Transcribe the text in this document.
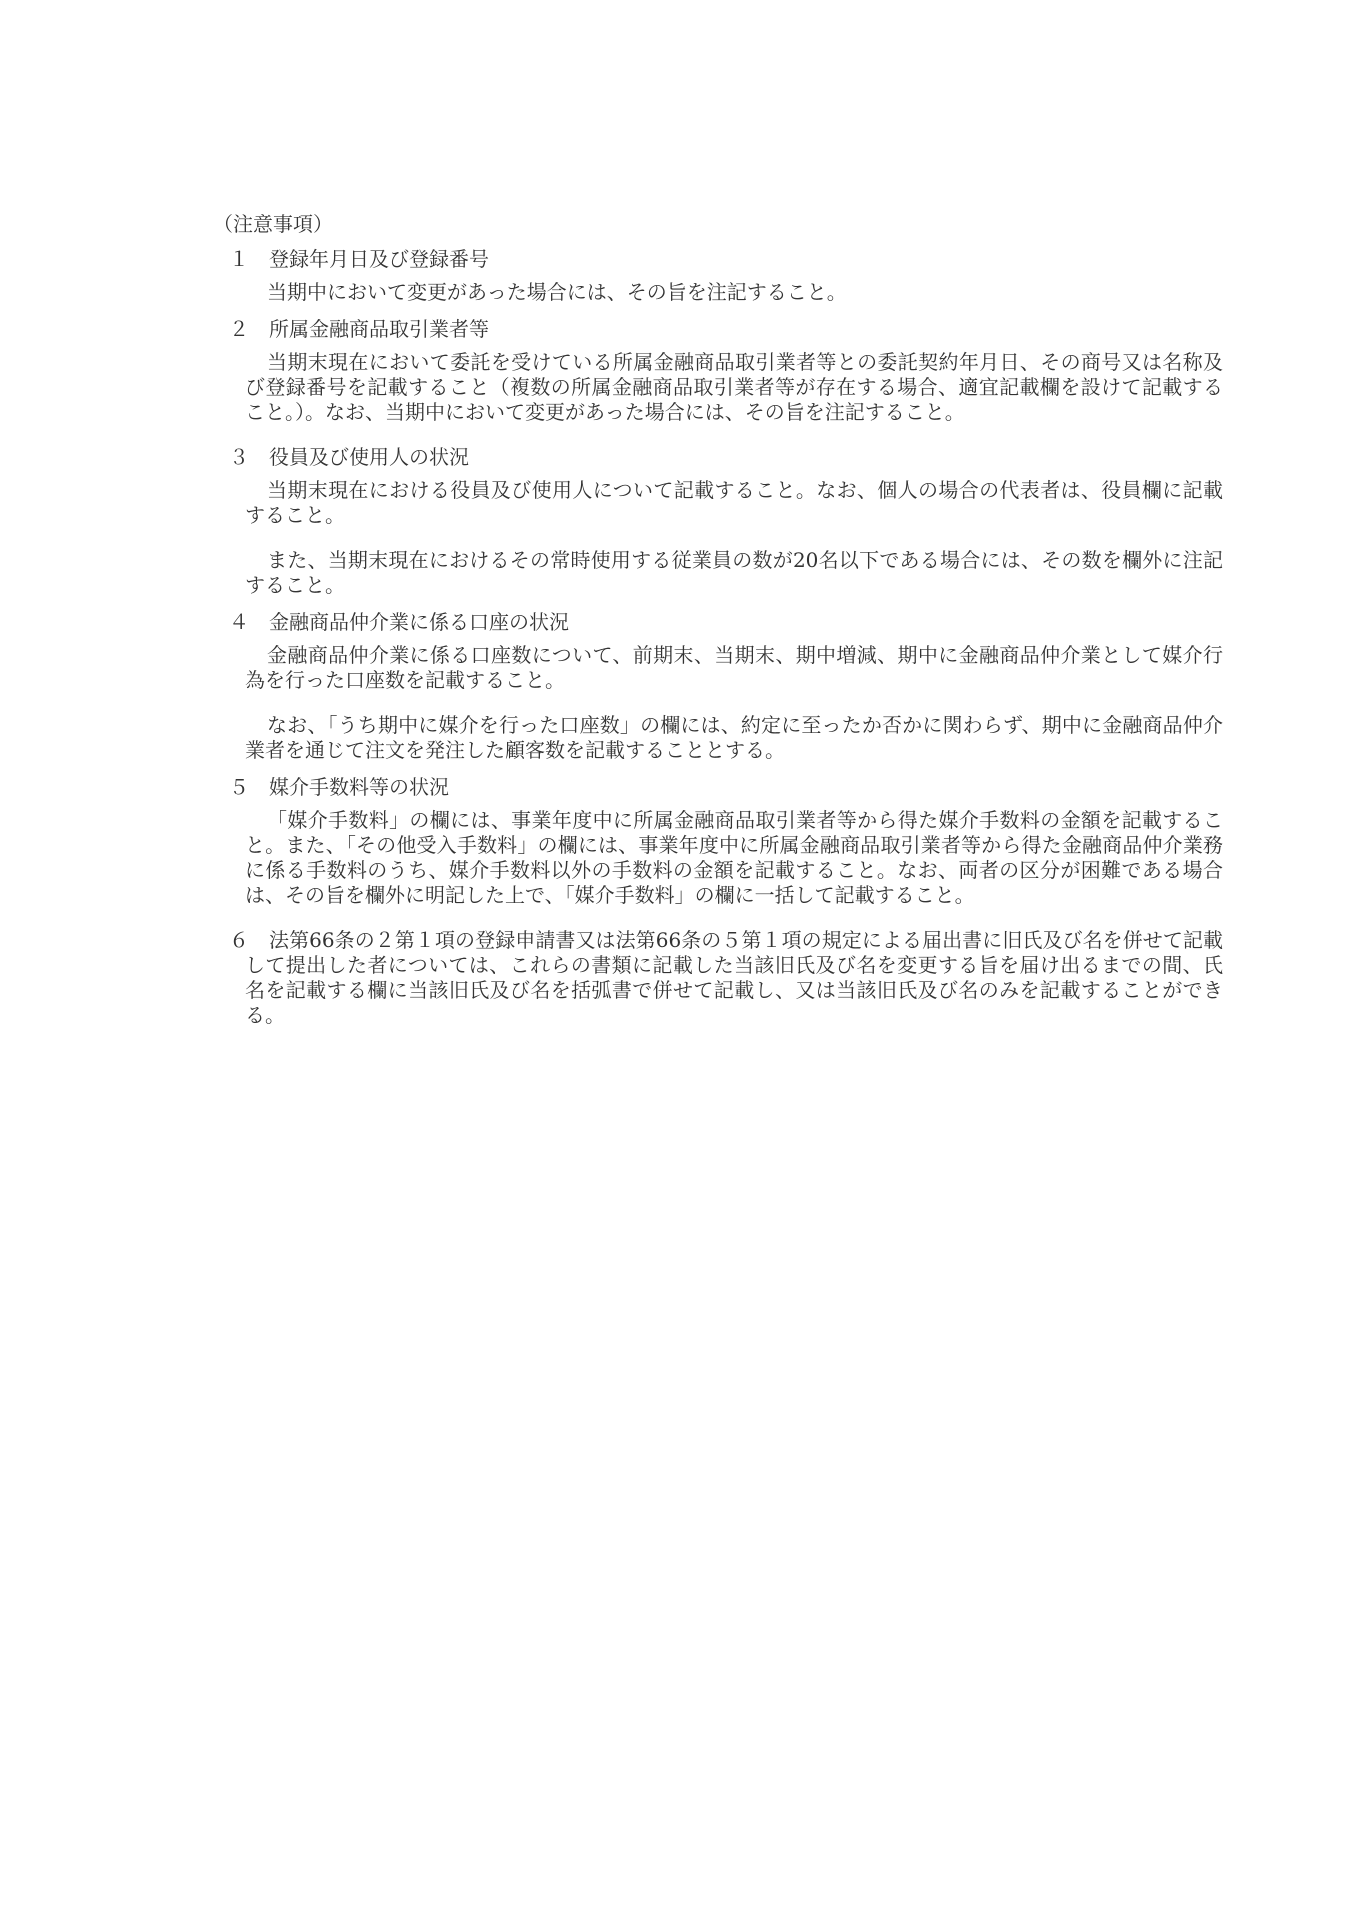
（注意事項）
１	登録年月日及び登録番号

当期中において変更があった場合には、その旨を注記すること。

２	所属金融商品取引業者等

当期末現在において委託を受けている所属金融商品取引業者等との委託契約年月日、その商号又は名称及び登録番号を記載すること（複数の所属金融商品取引業者等が存在する場合、適宜記載欄を設けて記載すること。）。なお、当期中において変更があった場合には、その旨を注記すること。

３	役員及び使用人の状況

当期末現在における役員及び使用人について記載すること。なお、個人の場合の代表者は、役員欄に記載すること。

また、当期末現在におけるその常時使用する従業員の数が20名以下である場合には、その数を欄外に注記すること。

４	金融商品仲介業に係る口座の状況

金融商品仲介業に係る口座数について、前期末、当期末、期中増減、期中に金融商品仲介業として媒介行為を行った口座数を記載すること。

なお、「うち期中に媒介を行った口座数」の欄には、約定に至ったか否かに関わらず、期中に金融商品仲介業者を通じて注文を発注した顧客数を記載することとする。

５	媒介手数料等の状況

「媒介手数料」の欄には、事業年度中に所属金融商品取引業者等から得た媒介手数料の金額を記載すること。また、「その他受入手数料」の欄には、事業年度中に所属金融商品取引業者等から得た金融商品仲介業務に係る手数料のうち、媒介手数料以外の手数料の金額を記載すること。なお、両者の区分が困難である場合は、その旨を欄外に明記した上で、「媒介手数料」の欄に一括して記載すること。

６	法第66条の２第１項の登録申請書又は法第66条の５第１項の規定による届出書に旧氏及び名を併せて記載して提出した者については、これらの書類に記載した当該旧氏及び名を変更する旨を届け出るまでの間、氏名を記載する欄に当該旧氏及び名を括弧書で併せて記載し、又は当該旧氏及び名のみを記載することができる。
